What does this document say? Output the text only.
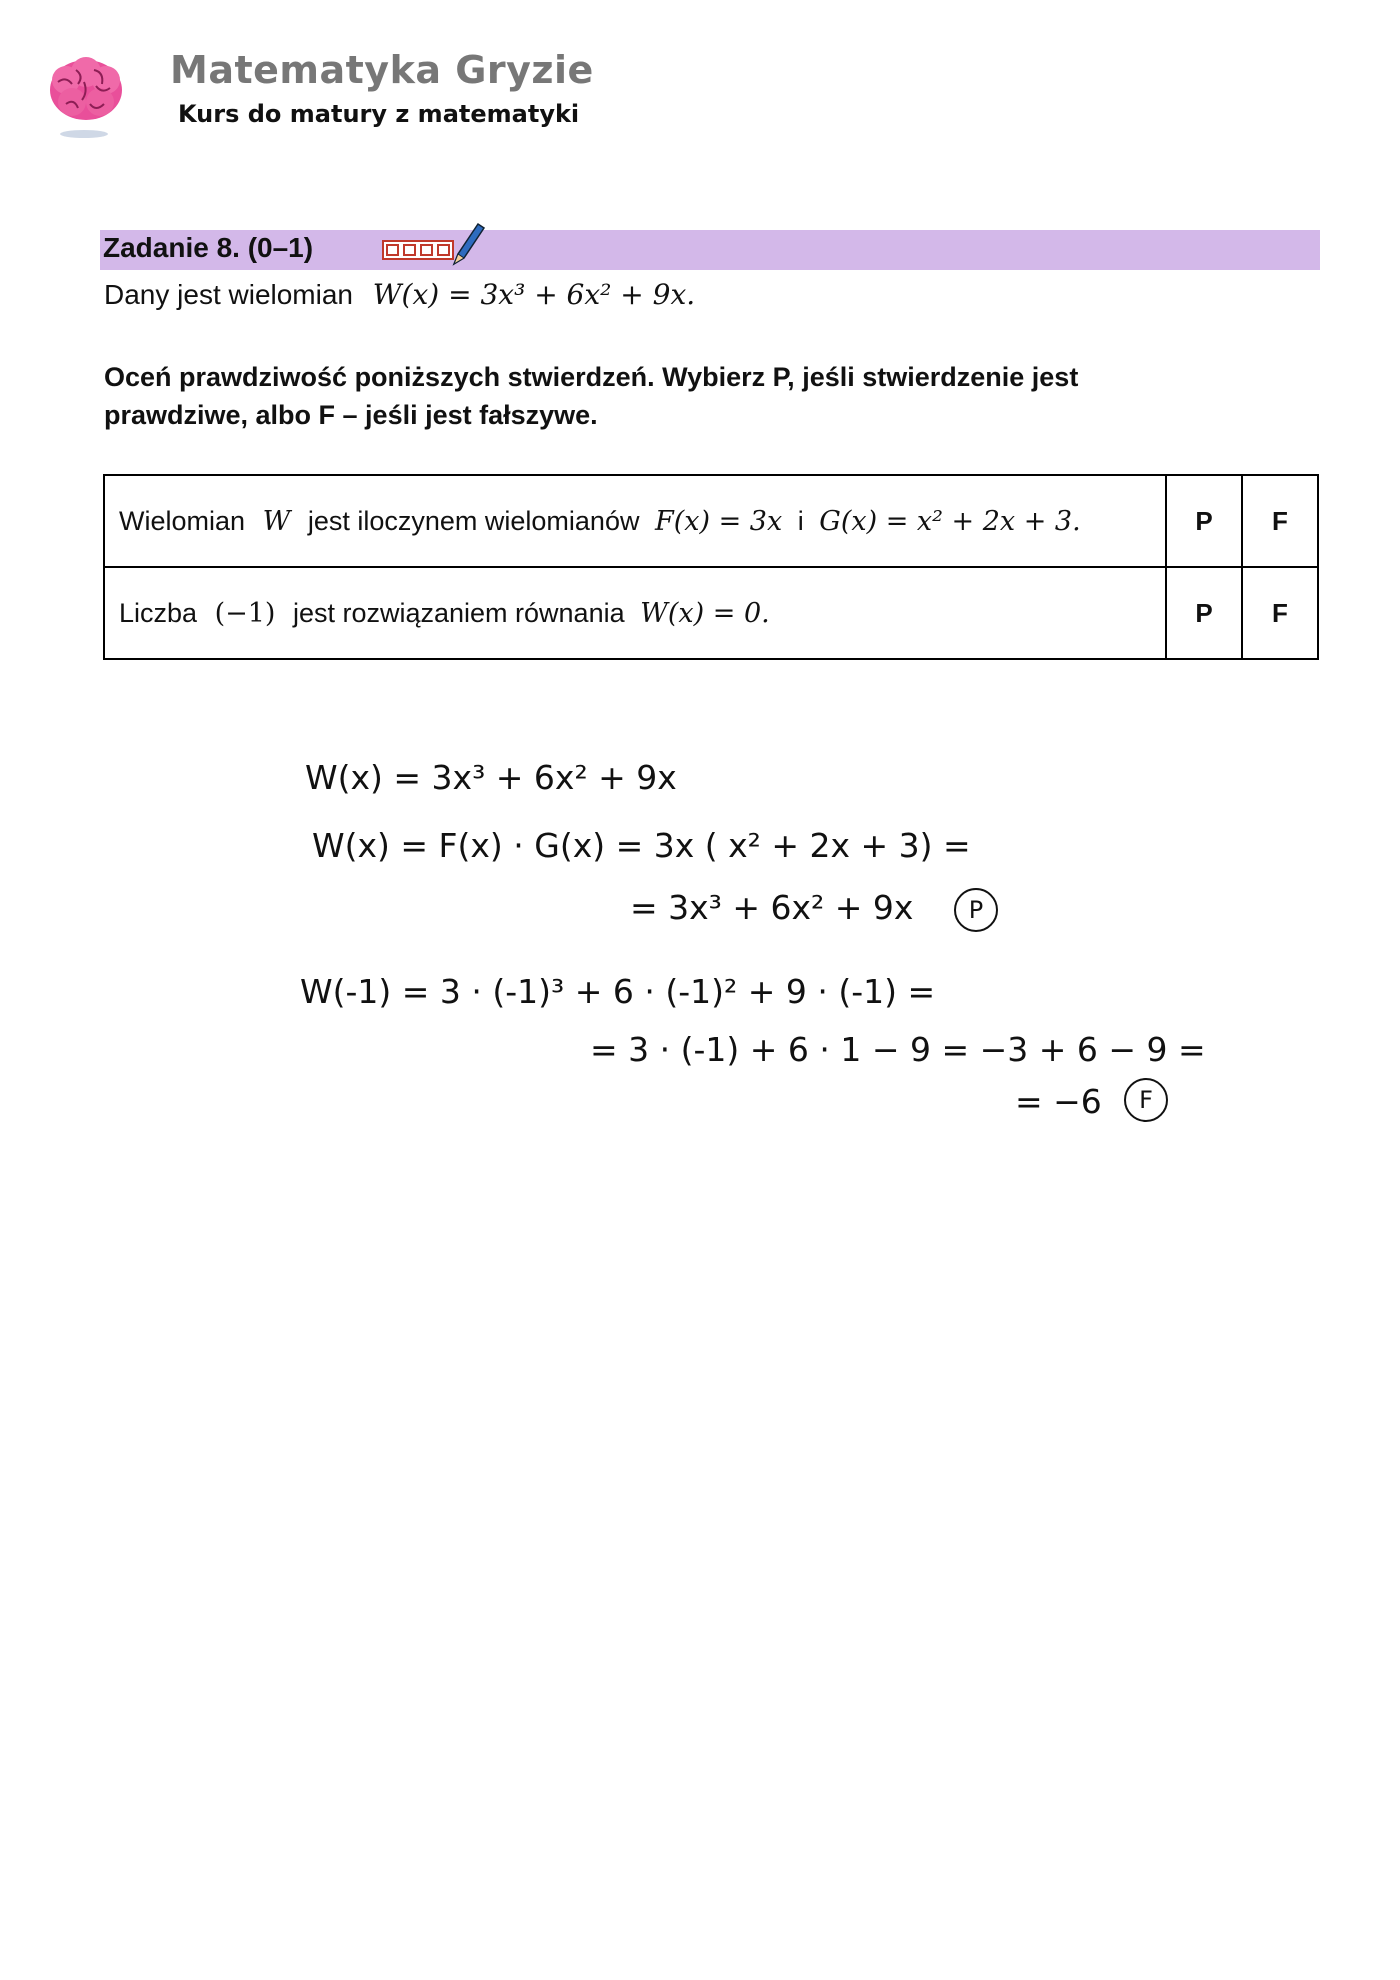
Matematyka Gryzie
Kurs do matury z matematyki
Zadanie 8. (0–1)
Dany jest wielomian W(x) = 3x³ + 6x² + 9x.
Oceń prawdziwość poniższych stwierdzeń. Wybierz P, jeśli stwierdzenie jest prawdziwe, albo F – jeśli jest fałszywe.
Wielomian W jest iloczynem wielomianów F(x) = 3x i G(x) = x² + 2x + 3.	P	F
Liczba (−1) jest rozwiązaniem równania W(x) = 0.	P	F
W(x) = 3x³ + 6x² + 9x
W(x) = F(x) · G(x) = 3x ( x² + 2x + 3) =
= 3x³ + 6x² + 9x	P
W(-1) = 3 · (-1)³ + 6 · (-1)² + 9 · (-1) =
= 3 · (-1) + 6 · 1 − 9 = −3 + 6 − 9 =
= −6	F
